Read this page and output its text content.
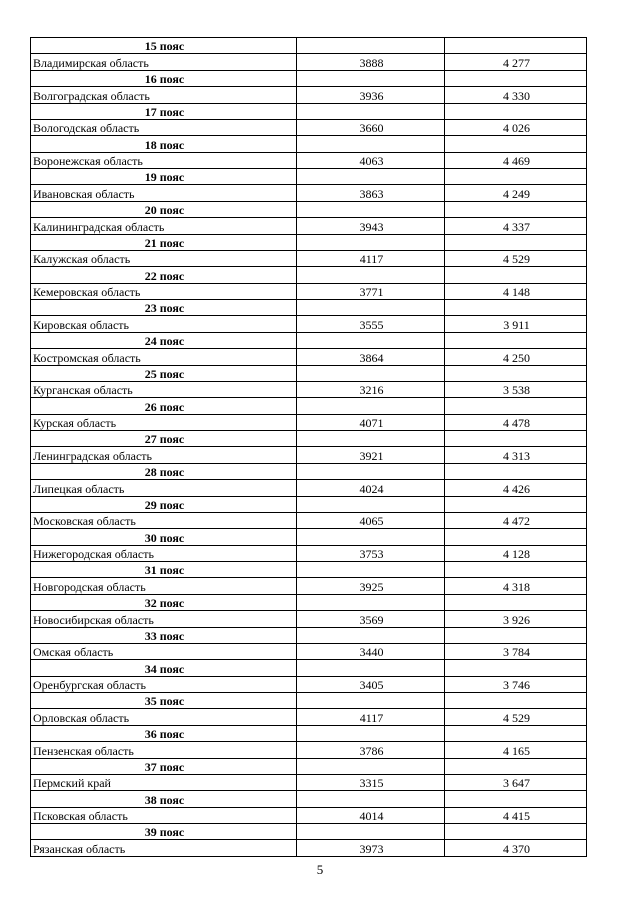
15 пояс		
Владимирская область	3888	4 277
16 пояс		
Волгоградская область	3936	4 330
17 пояс		
Вологодская область	3660	4 026
18 пояс		
Воронежская область	4063	4 469
19 пояс		
Ивановская область	3863	4 249
20 пояс		
Калининградская область	3943	4 337
21 пояс		
Калужская область	4117	4 529
22 пояс		
Кемеровская область	3771	4 148
23 пояс		
Кировская область	3555	3 911
24 пояс		
Костромская область	3864	4 250
25 пояс		
Курганская область	3216	3 538
26 пояс		
Курская область	4071	4 478
27 пояс		
Ленинградская область	3921	4 313
28 пояс		
Липецкая область	4024	4 426
29 пояс		
Московская область	4065	4 472
30 пояс		
Нижегородская область	3753	4 128
31 пояс		
Новгородская область	3925	4 318
32 пояс		
Новосибирская область	3569	3 926
33 пояс		
Омская область	3440	3 784
34 пояс		
Оренбургская область	3405	3 746
35 пояс		
Орловская область	4117	4 529
36 пояс		
Пензенская область	3786	4 165
37 пояс		
Пермский край	3315	3 647
38 пояс		
Псковская область	4014	4 415
39 пояс		
Рязанская область	3973	4 370
5
